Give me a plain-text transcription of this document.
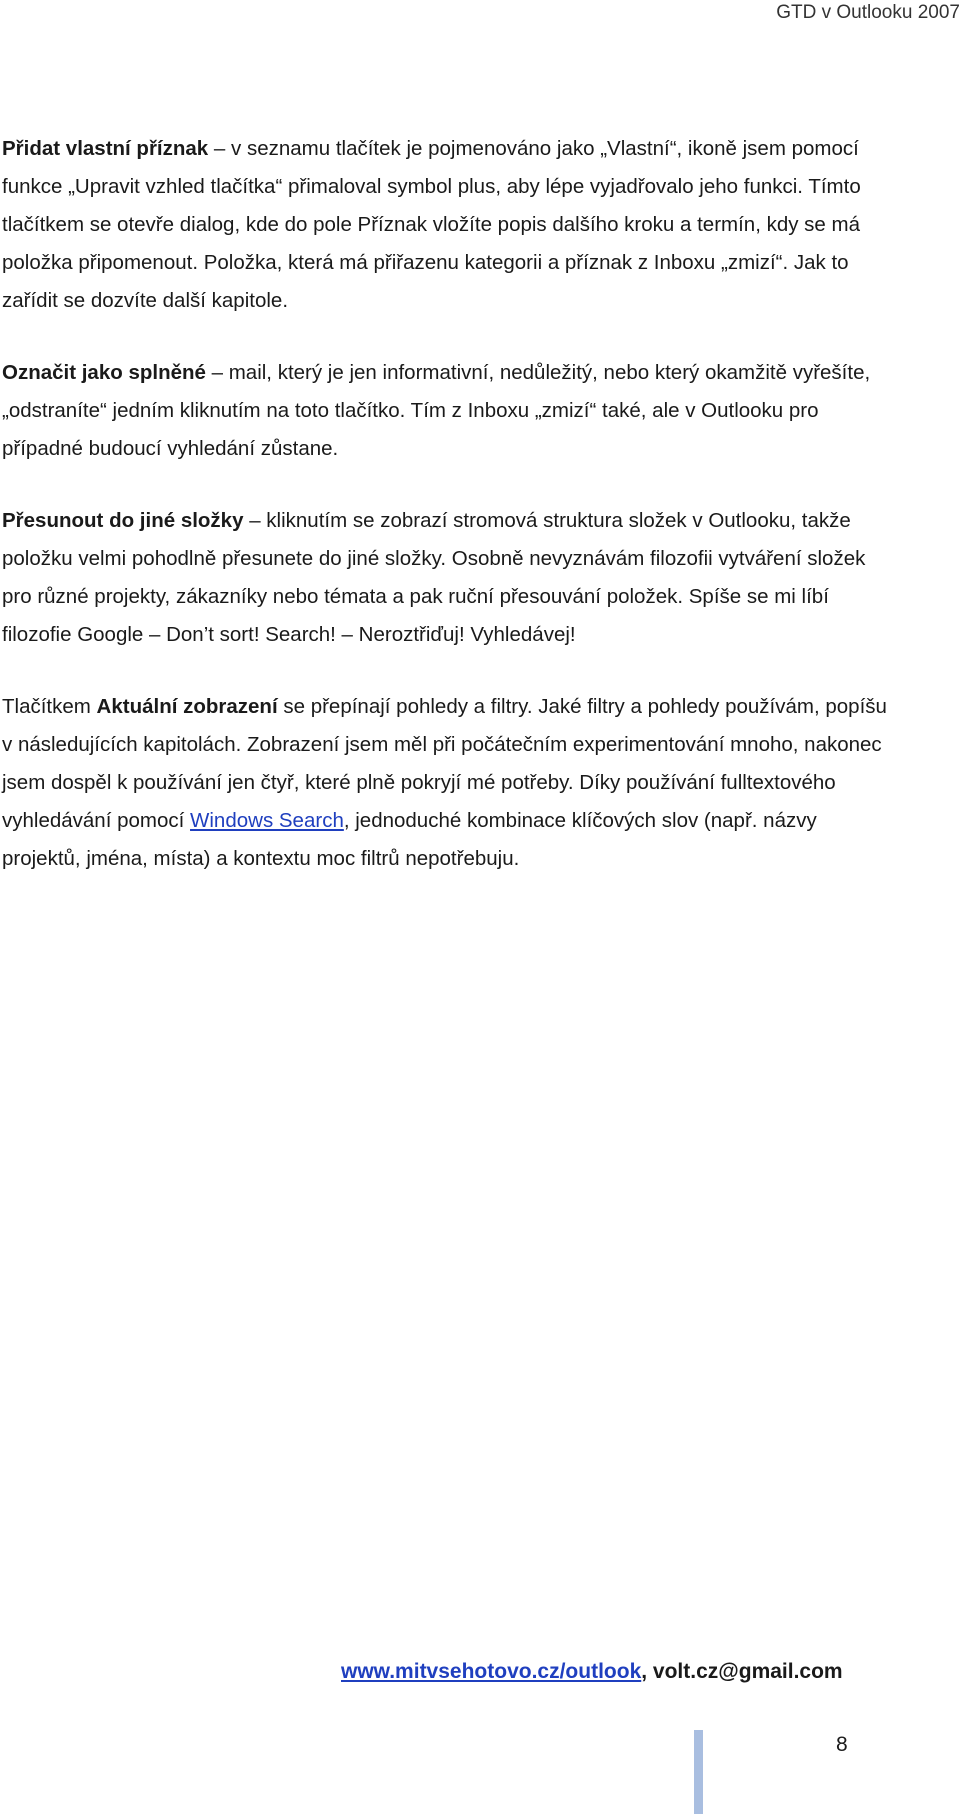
GTD v Outlooku 2007

Přidat vlastní příznak – v seznamu tlačítek je pojmenováno jako „Vlastní“, ikoně jsem pomocí funkce „Upravit vzhled tlačítka“ přimaloval symbol plus, aby lépe vyjadřovalo jeho funkci. Tímto tlačítkem se otevře dialog, kde do pole Příznak vložíte popis dalšího kroku a termín, kdy se má položka připomenout. Položka, která má přiřazenu kategorii a příznak z Inboxu „zmizí“. Jak to zařídit se dozvíte další kapitole.

Označit jako splněné – mail, který je jen informativní, nedůležitý, nebo který okamžitě vyřešíte, „odstraníte“ jedním kliknutím na toto tlačítko. Tím z Inboxu „zmizí“ také, ale v Outlooku pro případné budoucí vyhledání zůstane.

Přesunout do jiné složky – kliknutím se zobrazí stromová struktura složek v Outlooku, takže položku velmi pohodlně přesunete do jiné složky. Osobně nevyznávám filozofii vytváření složek pro různé projekty, zákazníky nebo témata a pak ruční přesouvání položek. Spíše se mi líbí filozofie Google – Don’t sort! Search! – Neroztřiďuj! Vyhledávej!

Tlačítkem Aktuální zobrazení se přepínají pohledy a filtry. Jaké filtry a pohledy používám, popíšu v následujících kapitolách. Zobrazení jsem měl při počátečním experimentování mnoho, nakonec jsem dospěl k používání jen čtyř, které plně pokryjí mé potřeby. Díky používání fulltextového vyhledávání pomocí Windows Search, jednoduché kombinace klíčových slov (např. názvy projektů, jména, místa) a kontextu moc filtrů nepotřebuju.

www.mitvsehotovo.cz/outlook, volt.cz@gmail.com
8
